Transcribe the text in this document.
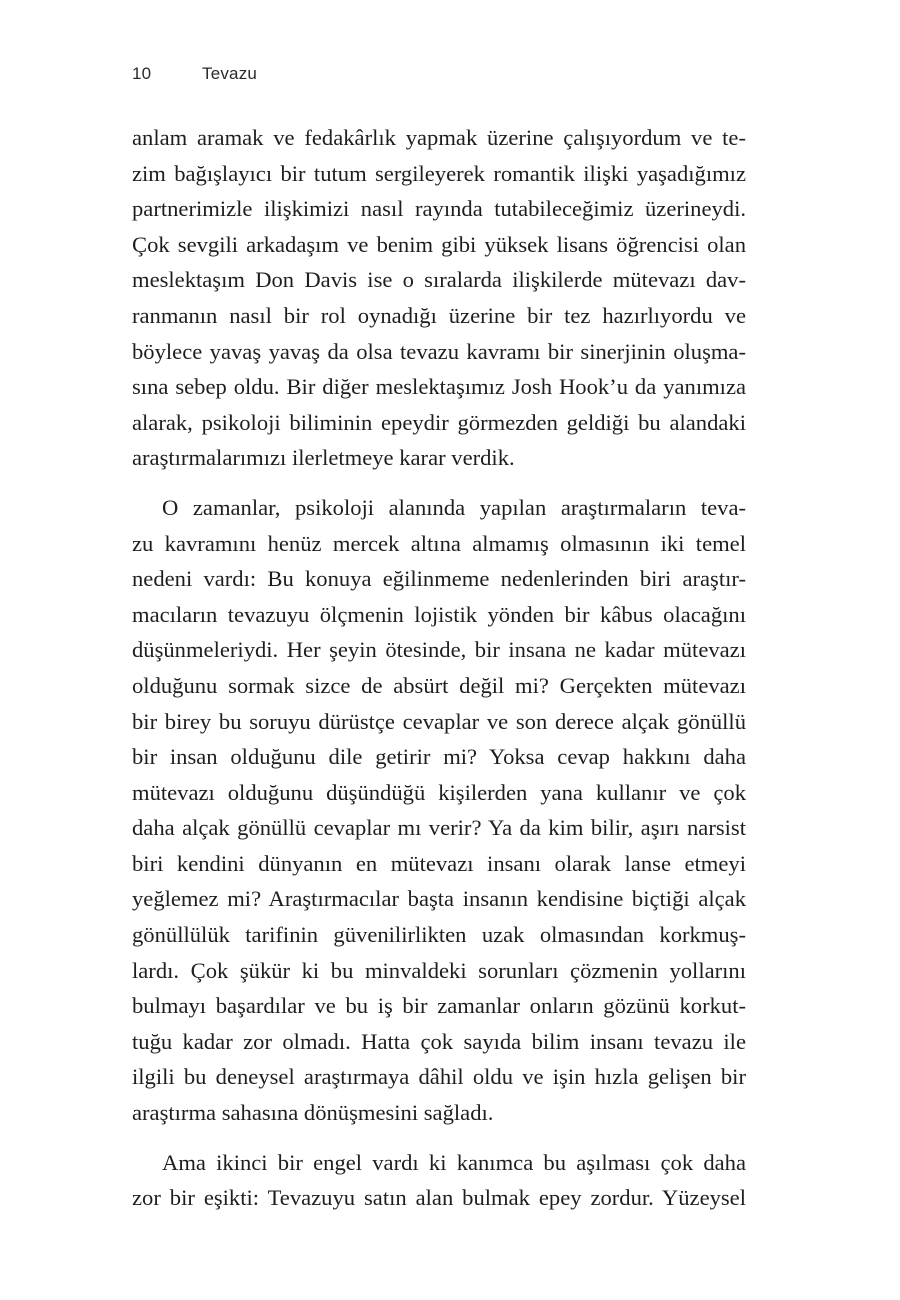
10	Tevazu
anlam aramak ve fedakârlık yapmak üzerine çalışıyordum ve te-
zim bağışlayıcı bir tutum sergileyerek romantik ilişki yaşadığımız
partnerimizle ilişkimizi nasıl rayında tutabileceğimiz üzerineydi.
Çok sevgili arkadaşım ve benim gibi yüksek lisans öğrencisi olan
meslektaşım Don Davis ise o sıralarda ilişkilerde mütevazı dav-
ranmanın nasıl bir rol oynadığı üzerine bir tez hazırlıyordu ve
böylece yavaş yavaş da olsa tevazu kavramı bir sinerjinin oluşma-
sına sebep oldu. Bir diğer meslektaşımız Josh Hook’u da yanımıza
alarak, psikoloji biliminin epeydir görmezden geldiği bu alandaki
araştırmalarımızı ilerletmeye karar verdik.
O zamanlar, psikoloji alanında yapılan araştırmaların teva-
zu kavramını henüz mercek altına almamış olmasının iki temel
nedeni vardı: Bu konuya eğilinmeme nedenlerinden biri araştır-
macıların tevazuyu ölçmenin lojistik yönden bir kâbus olacağını
düşünmeleriydi. Her şeyin ötesinde, bir insana ne kadar mütevazı
olduğunu sormak sizce de absürt değil mi? Gerçekten mütevazı
bir birey bu soruyu dürüstçe cevaplar ve son derece alçak gönüllü
bir insan olduğunu dile getirir mi? Yoksa cevap hakkını daha
mütevazı olduğunu düşündüğü kişilerden yana kullanır ve çok
daha alçak gönüllü cevaplar mı verir? Ya da kim bilir, aşırı narsist
biri kendini dünyanın en mütevazı insanı olarak lanse etmeyi
yeğlemez mi? Araştırmacılar başta insanın kendisine biçtiği alçak
gönüllülük tarifinin güvenilirlikten uzak olmasından korkmuş-
lardı. Çok şükür ki bu minvaldeki sorunları çözmenin yollarını
bulmayı başardılar ve bu iş bir zamanlar onların gözünü korkut-
tuğu kadar zor olmadı. Hatta çok sayıda bilim insanı tevazu ile
ilgili bu deneysel araştırmaya dâhil oldu ve işin hızla gelişen bir
araştırma sahasına dönüşmesini sağladı.
Ama ikinci bir engel vardı ki kanımca bu aşılması çok daha
zor bir eşikti: Tevazuyu satın alan bulmak epey zordur. Yüzeysel
